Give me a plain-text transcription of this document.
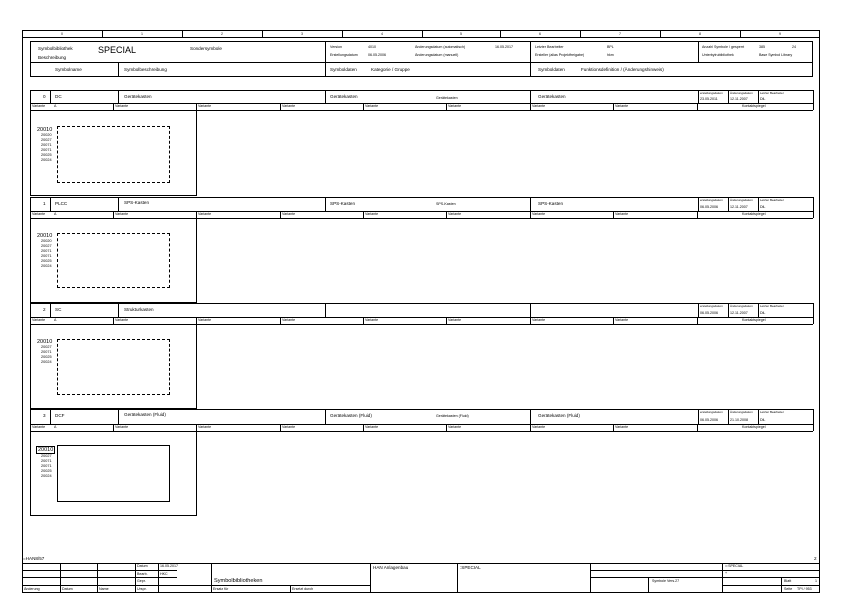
0	1	2	3	4	5	6	7	8	9
Symbolbibliothek
Beschreibung
SPECIAL	Sondersymbole	Version	4010
Erstellungsdatum	06.05.2006
Änderungsdatum (automatisch)	16.05.2017
Änderungsdatum (manuell)
Letzter Bearbeiter	BPL
Ersteller (alias Projektfreigabe)	hkm
Anzahl Symbole / gesperrt	385	24
Unterbylrubibliothek	Base Symbol Library
Symbolname	Symbolbeschreibung	Symboldaten	Kategorie / Gruppe	Symboldaten	Funktionsdefinition / (Änderungshinweis)
0 DC	Gerätekasten	Gerätekasten	Gerätekasten	Gerätekasten
erstellungsdatum Änderungsdatum Letzter Bearbeiter
23.05.2011	12.11.2007	DiL
Variante A	Variante	Variante	Variante	Variante	Variante	Variante	Variante	Kontaktspiegel
20010
20020
20027
20071
20071
20025
20024
1 PLCC	SPS-Kasten	SPS-Kasten	SPS-Kasten	SPS-Kasten
erstellungsdatum Änderungsdatum Letzter Bearbeiter
06.05.2006	12.11.2007	DiL
Variante A	Variante	Variante	Variante	Variante	Variante	Variante	Variante	Kontaktspiegel
20010
20020
20027
20071
20071
20025
20024
2 SC	Strukturkasten
erstellungsdatum Änderungsdatum Letzter Bearbeiter
06.05.2006	12.11.2007	DiL
Variante A	Variante	Variante	Variante	Variante	Variante	Variante	Variante	Kontaktspiegel
20010
20027
20071
20025
20024
3 DCF	Gerätekasten (Fluid)	Gerätekasten (Fluid)	Gerätekasten (Fluid)	Gerätekasten (Fluid)
erstellungsdatum Änderungsdatum Letzter Bearbeiter
06.05.2006	21.10.2008	DiL
Variante A	Variante	Variante	Variante	Variante	Variante	Variante	Variante	Kontaktspiegel
20010
20027
20071
20071
20025
20024
=HAN8/57	2
Datum	16.05.2017
Bearb.	HKC
Gepr.
Urspr.
Änderung	Datum	Name
Symbolbibliotheken
Ersatz für	Ersetzt durch
HAN Anlagenbau	:SPECIAL	=:SPECIAL
+
Symbole Vers.27	Blatt	1
Seite TPI / 953
